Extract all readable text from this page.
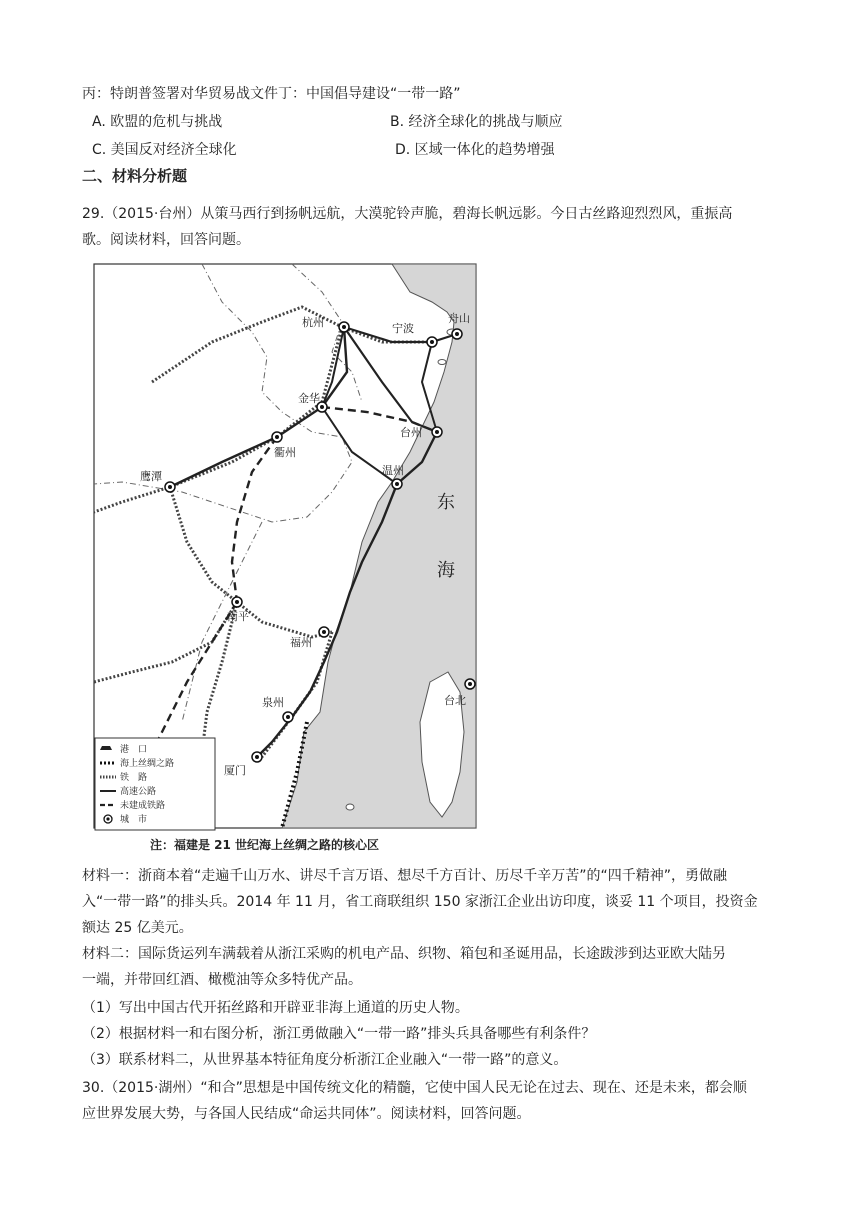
丙：特朗普签署对华贸易战文件丁：中国倡导建设“一带一路”
A. 欧盟的危机与挑战	B. 经济全球化的挑战与顺应
C. 美国反对经济全球化	D. 区域一体化的趋势增强
二、材料分析题
29.（2015·台州）从策马西行到扬帆远航，大漠驼铃声脆，碧海长帆远影。今日古丝路迎烈烈风，重振高
歌。阅读材料，回答问题。
杭州	宁波
舟山
金华
衢州
台州
温州
鹰潭
南平
福州
泉州
厦门
台北
东
海
港　口
海上丝绸之路
铁　路
高速公路
未建成铁路
城　市
注：福建是 21 世纪海上丝绸之路的核心区
材料一：浙商本着“走遍千山万水、讲尽千言万语、想尽千方百计、历尽千辛万苦”的“四千精神”，勇做融
入“一带一路”的排头兵。2014 年 11 月，省工商联组织 150 家浙江企业出访印度，谈妥 11 个项目，投资金
额达 25 亿美元。
材料二：国际货运列车满载着从浙江采购的机电产品、织物、箱包和圣诞用品，长途跋涉到达亚欧大陆另
一端，并带回红酒、橄榄油等众多特优产品。
（1）写出中国古代开拓丝路和开辟亚非海上通道的历史人物。
（2）根据材料一和右图分析，浙江勇做融入“一带一路”排头兵具备哪些有利条件？
（3）联系材料二，从世界基本特征角度分析浙江企业融入“一带一路”的意义。
30.（2015·湖州）“和合”思想是中国传统文化的精髓，它使中国人民无论在过去、现在、还是未来，都会顺
应世界发展大势，与各国人民结成“命运共同体”。阅读材料，回答问题。
